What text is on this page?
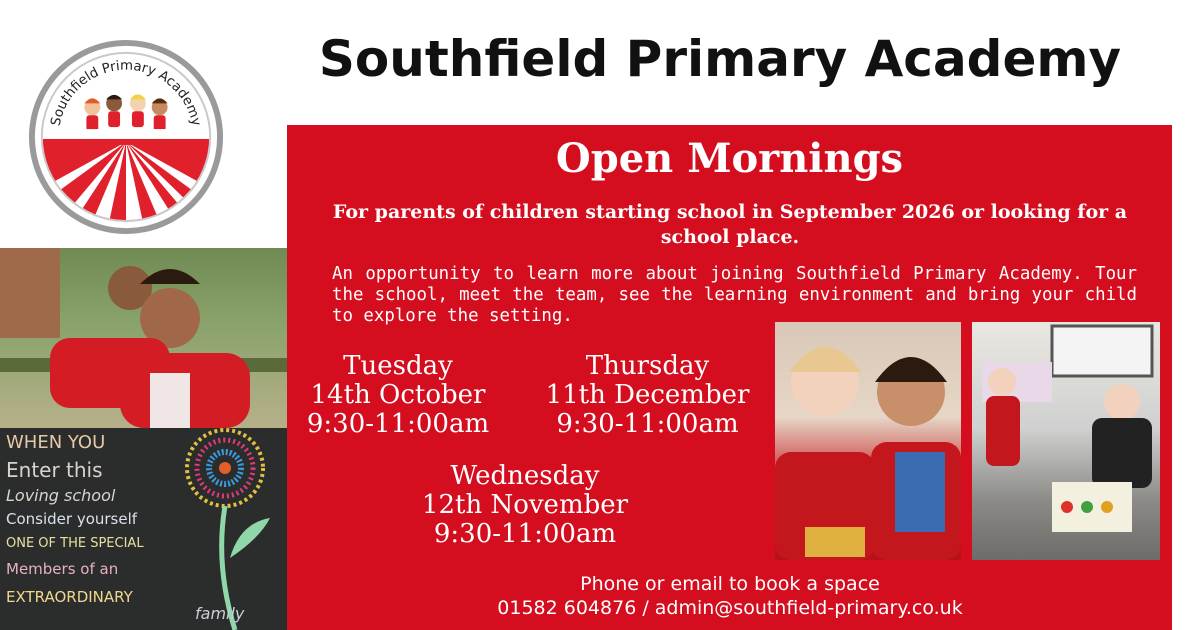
Southfield Primary Academy
Southfield Primary Academy
WHEN YOU
Enter this
Loving school
Consider yourself
ONE OF THE SPECIAL
Members of an
EXTRAORDINARY
family
Open Mornings
For parents of children starting school in September 2026 or looking for a school place.
An opportunity to learn more about joining Southfield Primary Academy. Tour the school, meet the team, see the learning environment and bring your child to explore the setting.
Tuesday
14th October
9:30-11:00am
Thursday
11th December
9:30-11:00am
Wednesday
12th November
9:30-11:00am
Phone or email to book a space
01582 604876 / admin@southfield-primary.co.uk
